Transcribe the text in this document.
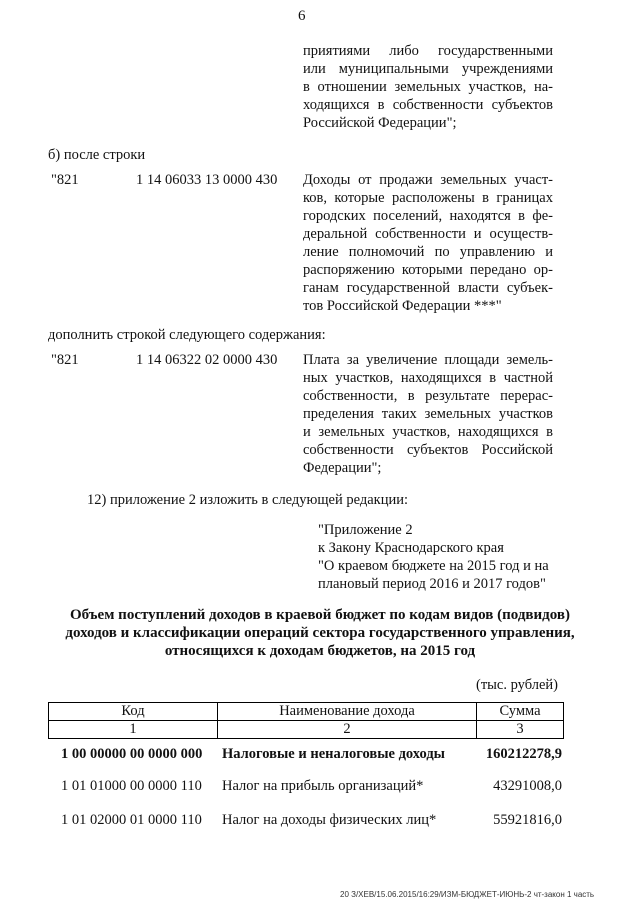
6
приятиями либо государственными
или муниципальными учреждениями
в отношении земельных участков, на-
ходящихся в собственности субъектов
Российской Федерации";
б) после строки
"821	1 14 06033 13 0000 430 Доходы от продажи земельных участ-
ков, которые расположены в границах
городских поселений, находятся в фе-
деральной собственности и осуществ-
ление полномочий по управлению и
распоряжению которыми передано ор-
ганам государственной власти субъек-
тов Российской Федерации ***"
дополнить строкой следующего содержания:
"821	1 14 06322 02 0000 430 Плата за увеличение площади земель-
ных участков, находящихся в частной
собственности, в результате перерас-
пределения таких земельных участков
и земельных участков, находящихся в
собственности субъектов Российской
Федерации";
12) приложение 2 изложить в следующей редакции:
"Приложение 2
к Закону Краснодарского края
"О краевом бюджете на 2015 год и на
плановый период 2016 и 2017 годов"
Объем поступлений доходов в краевой бюджет по кодам видов (подвидов)
доходов и классификации операций сектора государственного управления,
относящихся к доходам бюджетов, на 2015 год
(тыс. рублей)
Код	Наименование дохода	Сумма
1	2	3
1 00 00000 00 0000 000 Налоговые и неналоговые доходы	160212278,9
1 01 01000 00 0000 110 Налог на прибыль организаций*	43291008,0
1 01 02000 01 0000 110 Налог на доходы физических лиц*	55921816,0
20 З/ХЕВ/15.06.2015/16:29/ИЗМ-БЮДЖЕТ-ИЮНЬ-2 чт-закон 1 часть
